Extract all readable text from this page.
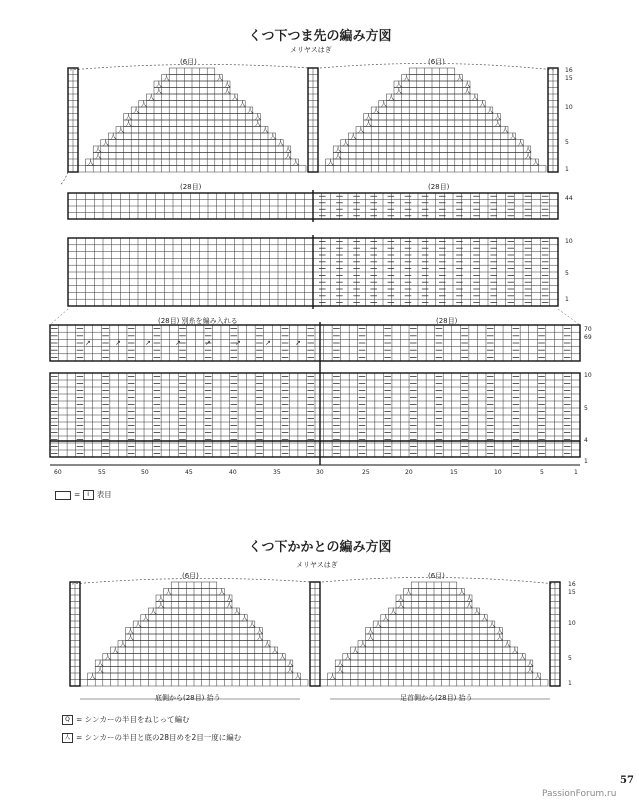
くつ下つま先の編み方図
メリヤスはぎ
(6目)	(6目)
人	人
人	人
人	人
人	人
人	人
人	人
人	人
人	人
人	人
人	人
人	人
人	人
人	人
人	人
人	人
人	人
人	人
人	人
人	人
人	人
人	人
人	人
人	人
人	人
人	人
人	人
人	人
人	人
↗	↗	↗	↗	↗	↗	↗	↗
人	人
人	人
人	人
人	人
人	人
人	人
人	人
人	人
人	人
人	人
人	人
人	人
人	人
人	人
人	人
人	人
人	人
人	人
人	人
人	人
人	人
人	人
人	人
人	人
人	人
人	人
人	人
人	人
(28目)	(28目)
(28目) 別糸を編み入れる	(28目)
16
15
10
5
1
44
10
5
1
70
69
10
5
4
1
60	55	50	45	40	35	30	25	20	15	10	5	1
= I 表目
くつ下かかとの編み方図
メリヤスはぎ
(6目)	(6目)
16
15
10
5
1
底側から(28目) 拾う	足首側から(28目) 拾う
Q = シンカーの半目をねじって編む
人 = シンカーの半目と底の28目めを2目一度に編む
57
PassionForum.ru
